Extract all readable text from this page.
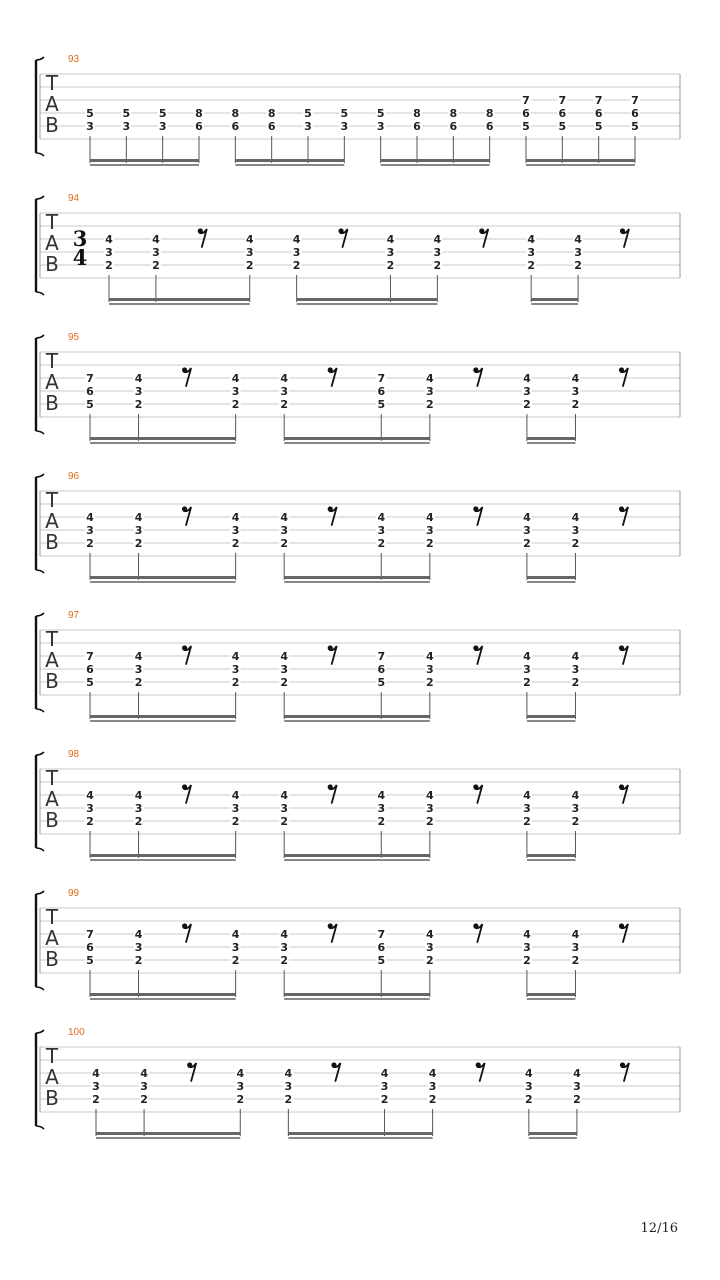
T
A
B
93
5
3
5
3
5
3
8
6
8
6
8
6
5
3
5
3
5
3
8
6
8
6
8
6
7
6
5
7
6
5
7
6
5
7
6
5
T
A
B
94
3
4
4
3
2
4
3
2
4
3
2
4
3
2
4
3
2
4
3
2
4
3
2
4
3
2
T
A
B
95
7
6
5
4
3
2
4
3
2
4
3
2
7
6
5
4
3
2
4
3
2
4
3
2
T
A
B
96
4
3
2
4
3
2
4
3
2
4
3
2
4
3
2
4
3
2
4
3
2
4
3
2
T
A
B
97
7
6
5
4
3
2
4
3
2
4
3
2
7
6
5
4
3
2
4
3
2
4
3
2
T
A
B
98
4
3
2
4
3
2
4
3
2
4
3
2
4
3
2
4
3
2
4
3
2
4
3
2
T
A
B
99
7
6
5
4
3
2
4
3
2
4
3
2
7
6
5
4
3
2
4
3
2
4
3
2
T
A
B
100
4
3
2
4
3
2
4
3
2
4
3
2
4
3
2
4
3
2
4
3
2
4
3
2
12/16
